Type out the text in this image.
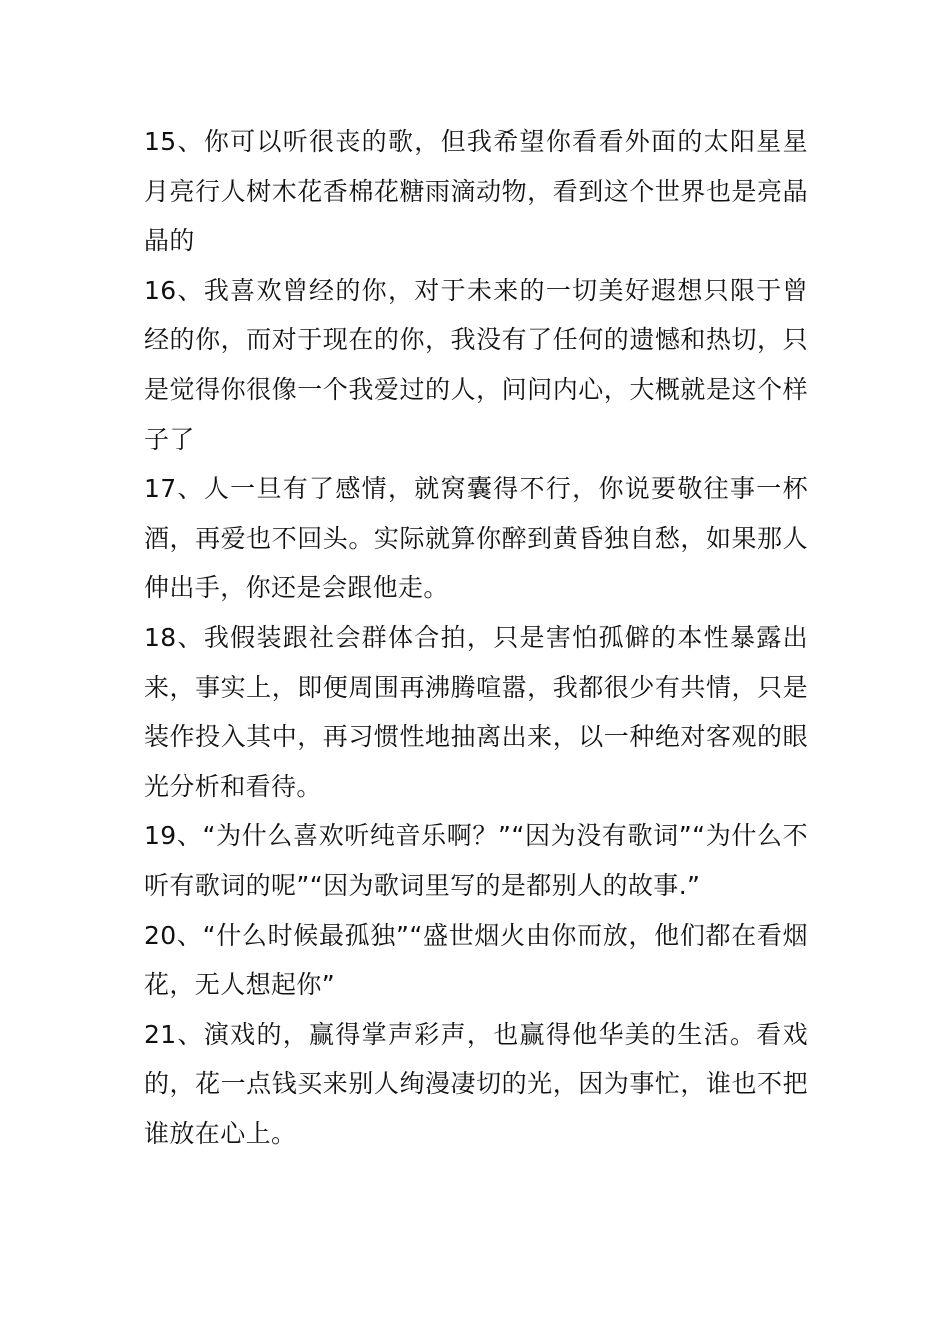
15、你可以听很丧的歌，但我希望你看看外面的太阳星星月亮行人树木花香棉花糖雨滴动物，看到这个世界也是亮晶晶的

16、我喜欢曾经的你，对于未来的一切美好遐想只限于曾经的你，而对于现在的你，我没有了任何的遗憾和热切，只是觉得你很像一个我爱过的人，问问内心，大概就是这个样子了

17、人一旦有了感情，就窝囊得不行，你说要敬往事一杯酒，再爱也不回头。实际就算你醉到黄昏独自愁，如果那人伸出手，你还是会跟他走。

18、我假装跟社会群体合拍，只是害怕孤僻的本性暴露出来，事实上，即便周围再沸腾喧嚣，我都很少有共情，只是装作投入其中，再习惯性地抽离出来，以一种绝对客观的眼光分析和看待。

19、“为什么喜欢听纯音乐啊？”“因为没有歌词”“为什么不听有歌词的呢”“因为歌词里写的是都别人的故事.”

20、“什么时候最孤独”“盛世烟火由你而放，他们都在看烟花，无人想起你”

21、演戏的，赢得掌声彩声，也赢得他华美的生活。看戏的，花一点钱买来别人绚漫凄切的光，因为事忙，谁也不把谁放在心上。
